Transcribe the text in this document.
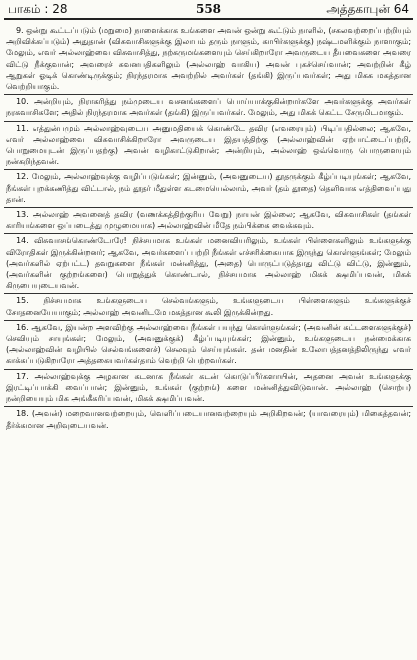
பாகம் : 28	558	அத்தகாபுன் 64

9. ஒன்று கூட்டப்படும் (மறுமை) நாளைக்காக உங்களை அவன் ஒன்று கூட்டும் நாளில், (சகலவற்றைப்பற்றியும் அறிவிக்கப்படும்) அதுதான் (விசுவாசிகளுக்கு இலாபம் தரும் நாளும், காபிர்களுக்கு) நஷ்டமளிக்கும் நாளாகும்; மேலும், எவர் அல்லாஹ்வை விசுவாசித்து, நற்கருமங்களையும் செய்கிறாரோ அவருடைய தீயவைகளை அவரை விட்டு நீக்குவான்; அவரைச் சுவனபதிகளிலும் (அல்லாஹ் வாகிய) அவன் புகச்செய்வான்; அவற்றின் கீழ் ஆறுகள் ஓடிக் கொண்டிருக்கும்; நிரந்தரமாக அவற்றில் அவர்கள் (தங்கி) இருப்பவர்கள்; அது மிகக மகத்தான வெற்றியாகும்.

10. அன்றியும், நிராகரித்து நம்முடைய வசனங்களைப் பொய்யாக்குகின்றார்களே அவர்களுக்கு அவர்கள் நரகவாசிகளே; அதில் நிரந்தரமாக அவர்கள் (தங்கி) இருப்பவர்கள். மேலும், அது மிகக் கெட்ட சேருமிடமாகும்.

11. எத்துன்பமும் அல்லாஹ்வுடைய அனுமதியைக் கொண்டே தவிர (எவரையும்) பிடிப்பதில்லை; ஆகவே, எவர் அல்லாஹ்வை விசுவாசிக்கிறாரோ அவருடைய இதயத்திற்கு (அல்லாஹ்வின் ஏற்பாட்டைப்பற்றி, பொறுமையுடன் இருப்பதற்கு) அவன் வழிகாட்டுகிறான்; அன்றியும், அல்லாஹ் ஒவ்வொரு பொருளையும் நன்கறிந்தவன்.

12. மேலும், அல்லாஹ்வுக்கு வழிப்படுங்கள்; இன்னும், (அவனுடைய) தூதருக்கும் கீழ்ப்படியுங்கள்; ஆகவே, நீங்கள் புறக்கணித்து விட்டால், நம் தூதர் மீதுள்ள கடமையெல்லாம், அவர் (தம் தூதை) தெளிவாக எத்திவைப்பது தான்.

13. அல்லாஹ் அவனைத் தவிர (வணக்கத்திற்குரிய வேறு) நாயன் இல்லை; ஆகவே, விசுவாசிகள் (தங்கள் காரியங்களை ஒப்படைத்து முழுமையாக) அல்லாஹ்வின் மீதே நம்பிக்கை வைக்கவும்.

14. விசுவாசங்கொண்டோரே! நிச்சயமாக உங்கள் மனைவியரிலும், உங்கள் பிள்ளைகளிலும் உங்களுக்கு விரோதிகள் இருக்கின்றனர்; ஆகவே, அவர்களைப் பற்றி நீங்கள் எச்சரிக்கையாக இருந்து கொள்ளுங்கள்; மேலும் (அவர்களில் ஏற்பட்ட) தவறுகளை நீங்கள் மன்னித்து, (அதை) பொருட்படுத்தாது விட்டு விட்டு, இன்னும், (அவர்களின் குற்றங்களை) பொறுத்துக் கொண்டால், நிச்சயமாக அல்லாஹ் மிகக் க்ஷமிப்பவன், மிகக் கிருபையுடையவன்.

15. நிச்சயமாக உங்களுடைய செல்வங்களும், உங்களுடைய பிள்ளைகளும் உங்களுக்குச் சோதனையேயாகும்; அல்லாஹ் அவனிடமே மகத்தான கூலி இருக்கின்றது.

16. ஆகவே, இயன்ற அளவிற்கு அல்லாஹ்வை நீங்கள் பயந்து கொள்ளுங்கள்; (அவனின் கட்டளைகளுக்குச்) செவியும் சாயுங்கள்; மேலும், (அவனுக்குக்) கீழ்ப்படியுங்கள்; இன்னும், உங்களுடைய நன்மைக்காக (அல்லாஹ்வின் வழியில் செல்வங்களைச்) செலவும் செய்யுங்கள். தன் மனதின் உலோபத்தனத்திலிருந்து எவர் காக்கப்படுகிறாரோ அத்தகையவர்கள்தாம் வெற்றி பெற்றவர்கள்.

17. அல்லாஹ்வுக்கு அழகான கடனாக நீங்கள் கடன் கொடுப்பீர்களாயின், அதனை அவன் உங்களுக்கு இரட்டிப்பாக்கி வைப்பான்; இன்னும், உங்கள் (குற்றங்) களை மன்னித்துவிடுவான். அல்லாஹ் (சொற்ப) நன்றியையும் மிக அங்கீகரிப்பவன், மிகக் க்ஷமிப்பவன்.

18. (அவன்) மறைவானவற்றையும், வெளிப்படையானவற்றையும் அறிகிறவன்; (யாவரையும்) மிகைத்தவன்; தீர்க்கமான அறிவுடையவன்.
